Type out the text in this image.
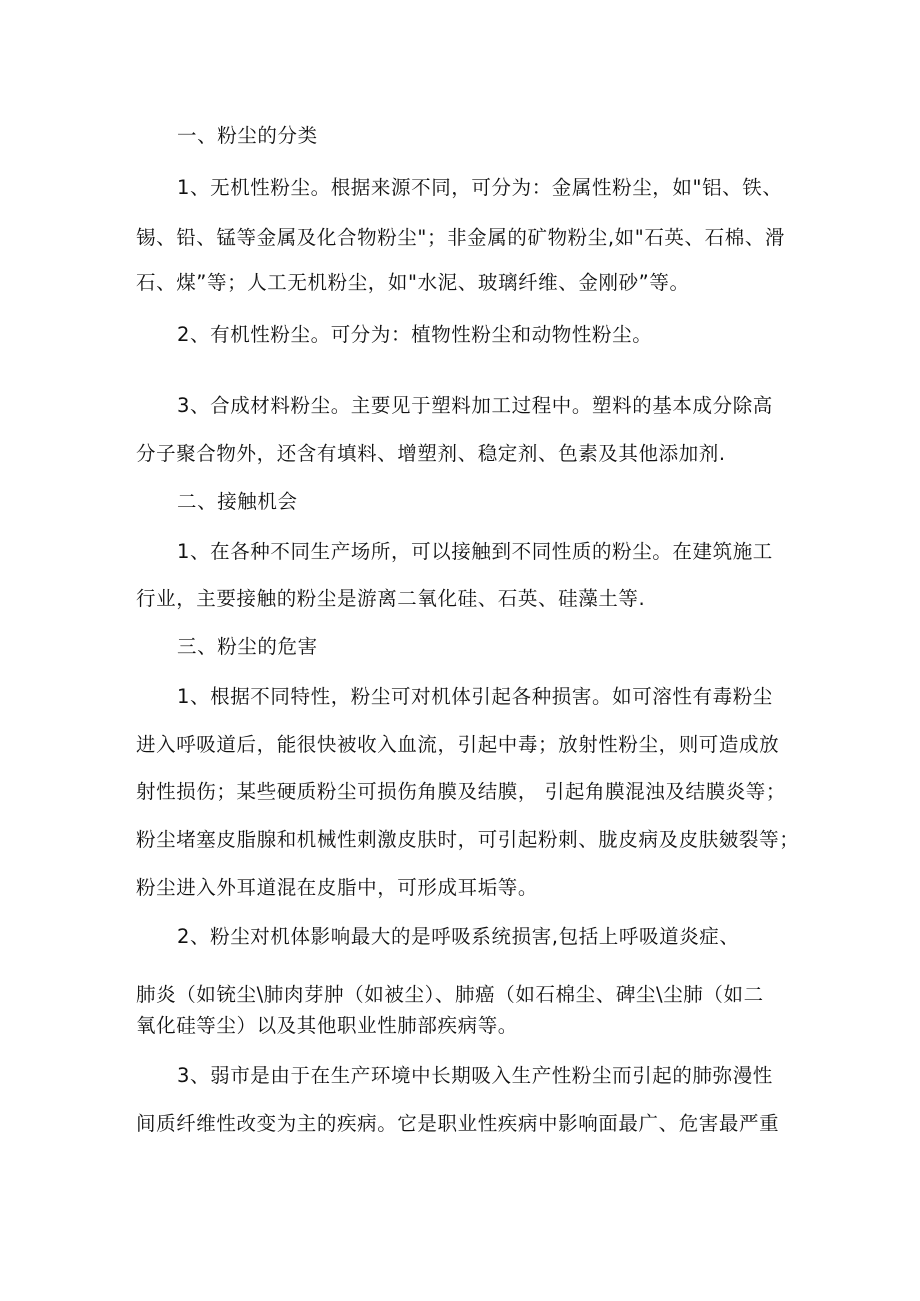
一、粉尘的分类
1、无机性粉尘。根据来源不同，可分为：金属性粉尘，如"铝、铁、
锡、铅、锰等金属及化合物粉尘"；非金属的矿物粉尘,如"石英、石棉、滑
石、煤”等；人工无机粉尘，如"水泥、玻璃纤维、金刚砂”等。
2、有机性粉尘。可分为：植物性粉尘和动物性粉尘。
3、合成材料粉尘。主要见于塑料加工过程中。塑料的基本成分除高
分子聚合物外，还含有填料、增塑剂、稳定剂、色素及其他添加剂.
二、接触机会
1、在各种不同生产场所，可以接触到不同性质的粉尘。在建筑施工
行业，主要接触的粉尘是游离二氧化硅、石英、硅藻土等.
三、粉尘的危害
1、根据不同特性，粉尘可对机体引起各种损害。如可溶性有毒粉尘
进入呼吸道后，能很快被收入血流，引起中毒；放射性粉尘，则可造成放
射性损伤；某些硬质粉尘可损伤角膜及结膜， 引起角膜混浊及结膜炎等；
粉尘堵塞皮脂腺和机械性刺激皮肤时，可引起粉刺、胧皮病及皮肤皴裂等；
粉尘进入外耳道混在皮脂中，可形成耳垢等。
2、粉尘对机体影响最大的是呼吸系统损害,包括上呼吸道炎症、
肺炎（如铳尘\肺肉芽肿（如被尘）、肺癌（如石棉尘、碑尘\尘肺（如二
氧化硅等尘）以及其他职业性肺部疾病等。
3、弱市是由于在生产环境中长期吸入生产性粉尘而引起的肺弥漫性
间质纤维性改变为主的疾病。它是职业性疾病中影响面最广、危害最严重
